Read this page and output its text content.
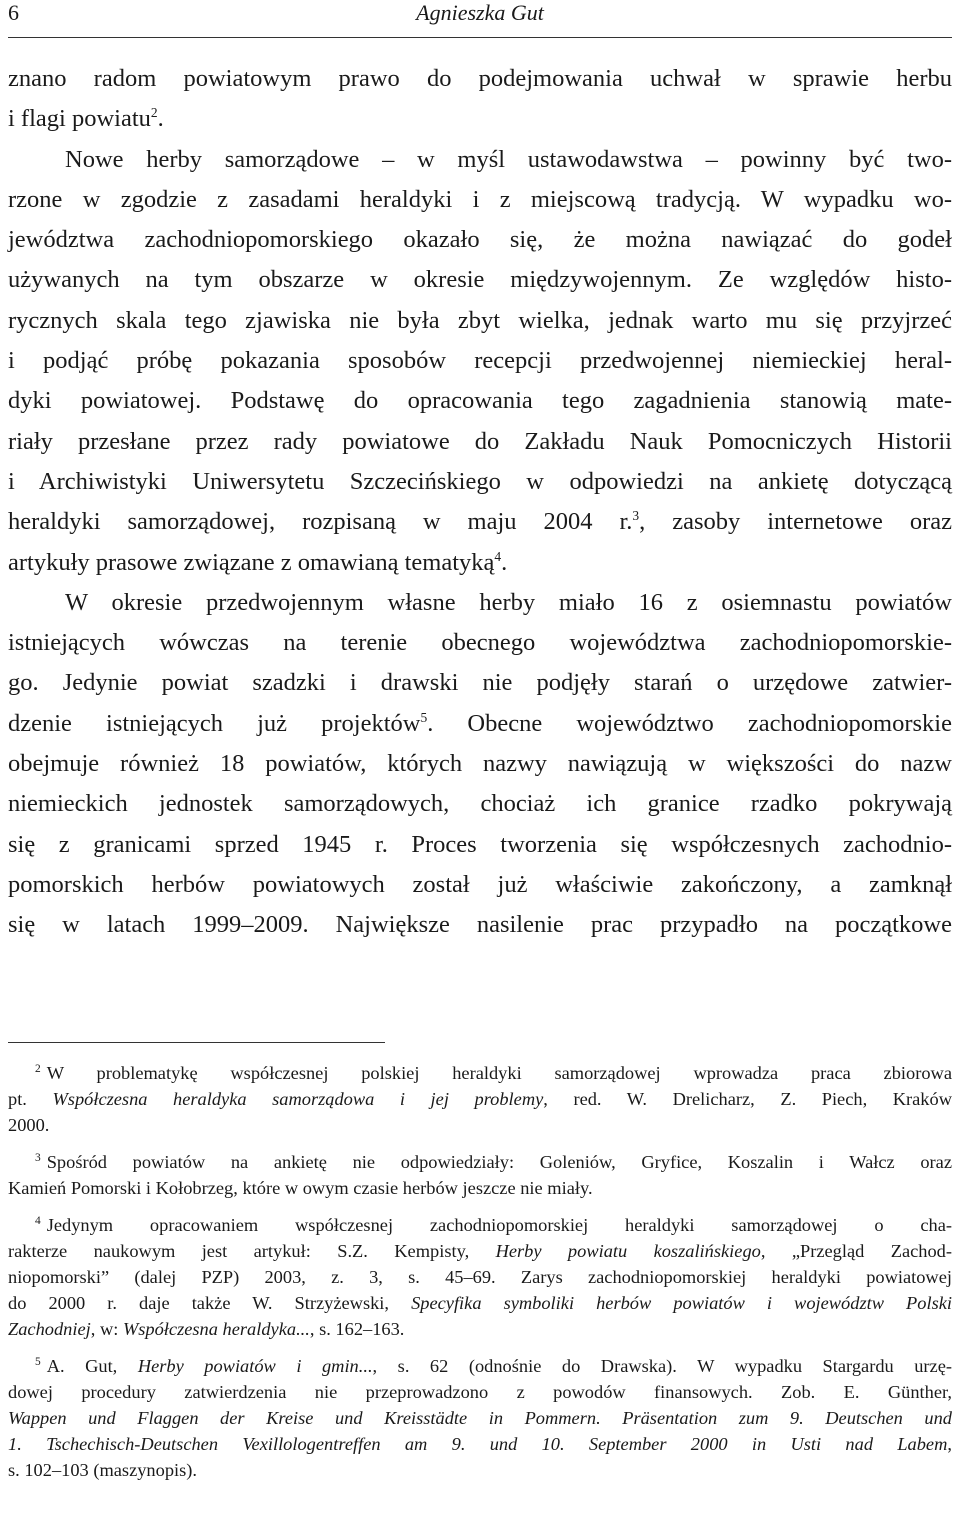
6	Agnieszka Gut
znano radom powiatowym prawo do podejmowania uchwał w sprawie herbu
i flagi powiatu$^2$.
Nowe herby samorządowe – w myśl ustawodawstwa – powinny być two-
rzone w zgodzie z zasadami heraldyki i z miejscową tradycją. W wypadku wo-
jewództwa zachodniopomorskiego okazało się, że można nawiązać do godeł
używanych na tym obszarze w okresie międzywojennym. Ze względów histo-
rycznych skala tego zjawiska nie była zbyt wielka, jednak warto mu się przyjrzeć
i podjąć próbę pokazania sposobów recepcji przedwojennej niemieckiej heral-
dyki powiatowej. Podstawę do opracowania tego zagadnienia stanowią mate-
riały przesłane przez rady powiatowe do Zakładu Nauk Pomocniczych Historii
i Archiwistyki Uniwersytetu Szczecińskiego w odpowiedzi na ankietę dotyczącą
heraldyki samorządowej, rozpisaną w maju 2004 r.$^3$, zasoby internetowe oraz
artykuły prasowe związane z omawianą tematyką$^4$.
W okresie przedwojennym własne herby miało 16 z osiemnastu powiatów
istniejących wówczas na terenie obecnego województwa zachodniopomorskie-
go. Jedynie powiat szadzki i drawski nie podjęły starań o urzędowe zatwier-
dzenie istniejących już projektów$^5$. Obecne województwo zachodniopomorskie
obejmuje również 18 powiatów, których nazwy nawiązują w większości do nazw
niemieckich jednostek samorządowych, chociaż ich granice rzadko pokrywają
się z granicami sprzed 1945 r. Proces tworzenia się współczesnych zachodnio-
pomorskich herbów powiatowych został już właściwie zakończony, a zamknął
się w latach 1999–2009. Największe nasilenie prac przypadło na początkowe
$^2$ W problematykę współczesnej polskiej heraldyki samorządowej wprowadza praca zbiorowa
pt. Współczesna heraldyka samorządowa i jej problemy, red. W. Drelicharz, Z. Piech, Kraków
2000.
$^3$ Spośród powiatów na ankietę nie odpowiedziały: Goleniów, Gryfice, Koszalin i Wałcz oraz
Kamień Pomorski i Kołobrzeg, które w owym czasie herbów jeszcze nie miały.
$^4$ Jedynym opracowaniem współczesnej zachodniopomorskiej heraldyki samorządowej o cha-
rakterze naukowym jest artykuł: S.Z. Kempisty, Herby powiatu koszalińskiego, „Przegląd Zachod-
niopomorski” (dalej PZP) 2003, z. 3, s. 45–69. Zarys zachodniopomorskiej heraldyki powiatowej
do 2000 r. daje także W. Strzyżewski, Specyfika symboliki herbów powiatów i województw Polski
Zachodniej, w: Współczesna heraldyka..., s. 162–163.
$^5$ A. Gut, Herby powiatów i gmin..., s. 62 (odnośnie do Drawska). W wypadku Stargardu urzę-
dowej procedury zatwierdzenia nie przeprowadzono z powodów finansowych. Zob. E. Günther,
Wappen und Flaggen der Kreise und Kreisstädte in Pommern. Präsentation zum 9. Deutschen und
1. Tschechisch-Deutschen Vexillologentreffen am 9. und 10. September 2000 in Usti nad Labem,
s. 102–103 (maszynopis).
